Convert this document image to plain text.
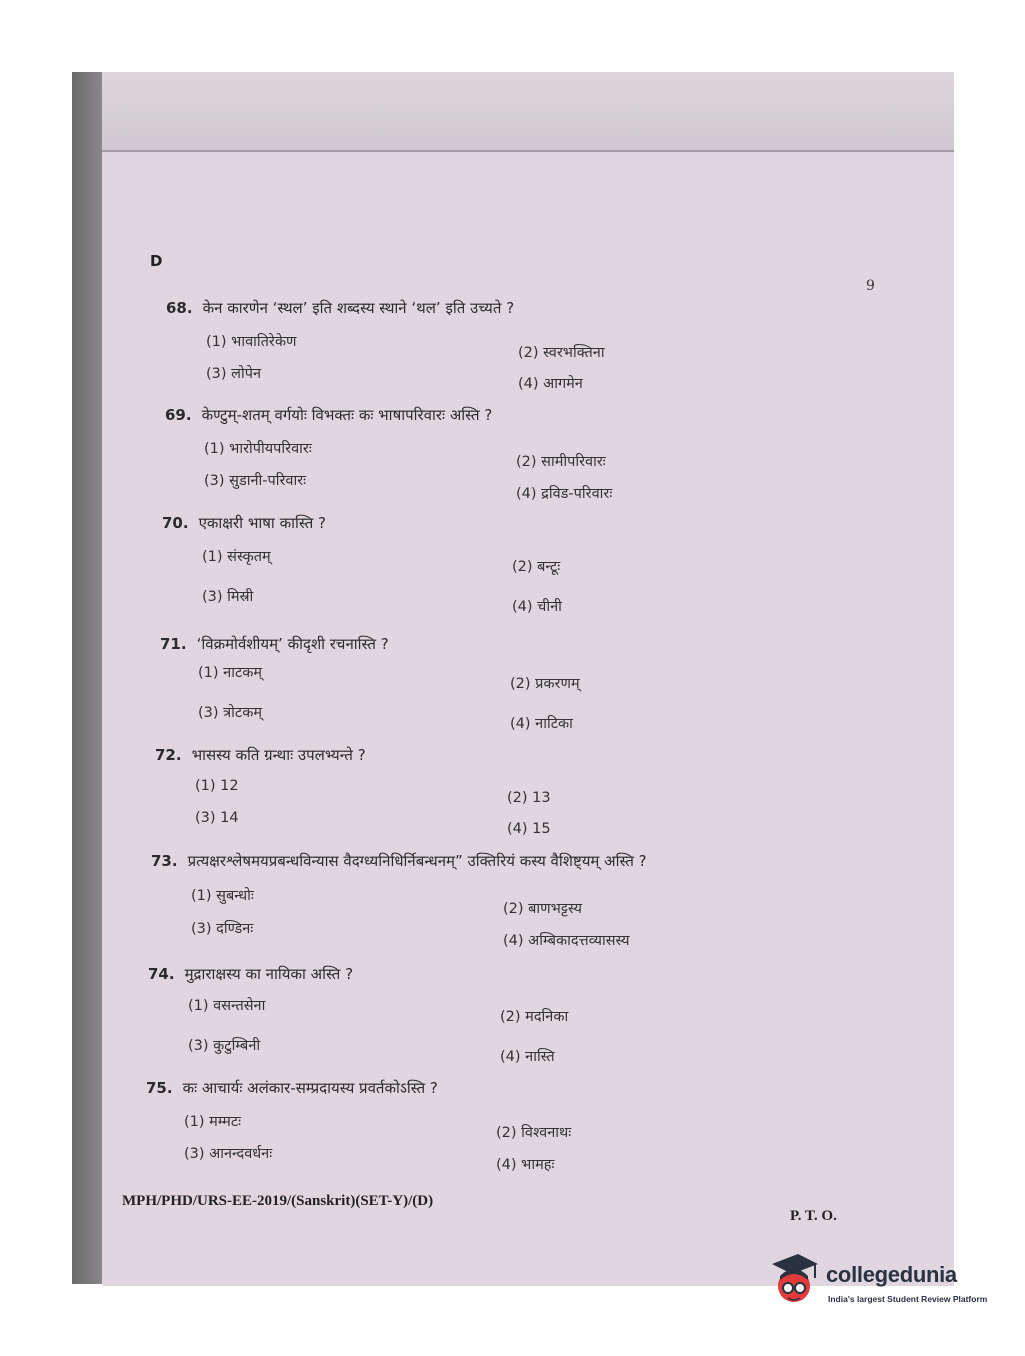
D
9
68. केन कारणेन ‘स्थल’ इति शब्दस्य स्थाने ‘थल’ इति उच्यते ?
(1) भावातिरेकेण
(2) स्वरभक्तिना
(3) लोपेन
(4) आगमेन
69. केण्टुम्-शतम् वर्गयोः विभक्तः कः भाषापरिवारः अस्ति ?
(1) भारोपीयपरिवारः
(2) सामीपरिवारः
(3) सुडानी-परिवारः
(4) द्रविड-परिवारः
70. एकाक्षरी भाषा कास्ति ?
(1) संस्कृतम्
(2) बन्टूः
(3) मिस्री
(4) चीनी
71. ‘विक्रमोर्वशीयम्’ कीदृशी रचनास्ति ?
(1) नाटकम्
(2) प्रकरणम्
(3) त्रोटकम्
(4) नाटिका
72. भासस्य कति ग्रन्थाः उपलभ्यन्ते ?
(1) 12
(2) 13
(3) 14
(4) 15
73. प्रत्यक्षरश्लेषमयप्रबन्धविन्यास वैदग्ध्यनिधिर्निबन्धनम्” उक्तिरियं कस्य वैशिष्ट्यम् अस्ति ?
(1) सुबन्धोः
(2) बाणभट्टस्य
(3) दण्डिनः
(4) अम्बिकादत्तव्यासस्य
74. मुद्राराक्षस्य का नायिका अस्ति ?
(1) वसन्तसेना
(2) मदनिका
(3) कुटुम्बिनी
(4) नास्ति
75. कः आचार्यः अलंकार-सम्प्रदायस्य प्रवर्तकोऽस्ति ?
(1) मम्मटः
(2) विश्वनाथः
(3) आनन्दवर्धनः
(4) भामहः
MPH/PHD/URS-EE-2019/(Sanskrit)(SET-Y)/(D)
P. T. O.
collegedunia
India's largest Student Review Platform
